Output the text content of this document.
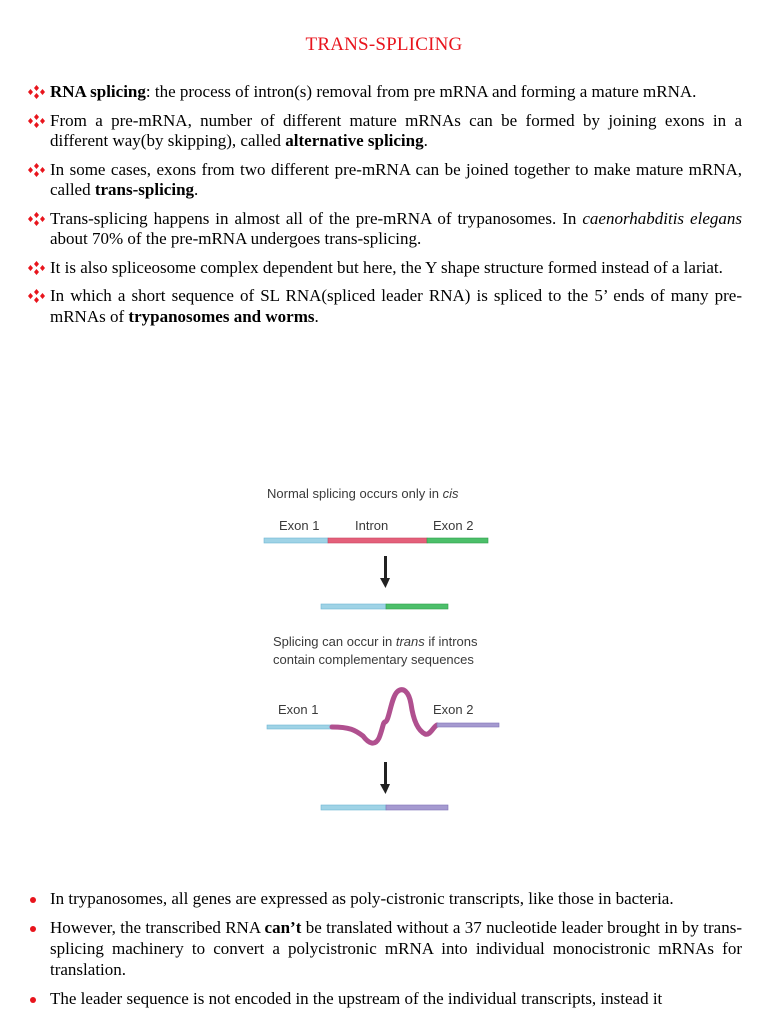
TRANS-SPLICING
RNA splicing: the process of intron(s) removal from pre mRNA and forming a mature mRNA.
From a pre-mRNA, number of different mature mRNAs can be formed by joining exons in a different way(by skipping), called alternative splicing.
In some cases, exons from two different pre-mRNA can be joined together to make mature mRNA, called trans-splicing.
Trans-splicing happens in almost all of the pre-mRNA of trypanosomes. In caenorhabditis elegans about 70% of the pre-mRNA undergoes trans-splicing.
It is also spliceosome complex dependent but here, the Y shape structure formed instead of a lariat.
In which a short sequence of SL RNA(spliced leader RNA) is spliced to the 5’ ends of many pre-mRNAs of trypanosomes and worms.
Normal splicing occurs only in cis
Exon 1	Intron	Exon 2
Splicing can occur in trans if introns
contain complementary sequences
Exon 1	Exon 2
In trypanosomes, all genes are expressed as poly-cistronic transcripts, like those in bacteria.
However, the transcribed RNA can’t be translated without a 37 nucleotide leader brought in by trans-splicing machinery to convert a polycistronic mRNA into individual monocistronic mRNAs for translation.
The leader sequence is not encoded in the upstream of the individual transcripts, instead it
